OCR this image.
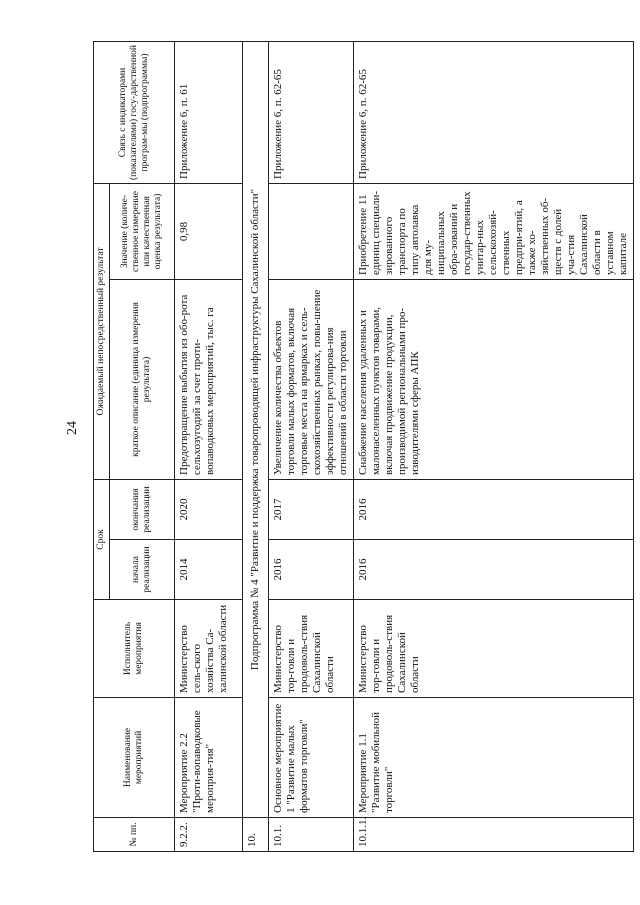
24
№ пп.	Наименование мероприятий	Исполнитель мероприятия	Срок		Ожидаемый непосредственный результат		Связь с индикаторами (показателями) госу-дарственной програм-мы (подпрограммы)
			начала реализации	окончания реализации	краткое описание (единица измерения результата)	Значение (количе-ственное измерение или качественная оценка результата)	

9.2.2.	Мероприятие 2.2 "Проти-вопаводковые мероприя-тия"	Министерство сель-ского хозяйства Са-халинской области	2014	2020	Предотвращение выбытия из обо-рота сельхозугодий за счет проти-вопаводковых мероприятий, тыс. га	0,98	Приложение 6, п. 61
10.	Подпрограмма № 4 "Развитие и поддержка товаропроводящей инфраструктуры Сахалинской области"						
10.1.	Основное мероприятие 1 "Развитие малых форматов торговли"	Министерство тор-говли и продоволь-ствия Сахалинской области	2016	2017	Увеличение количества объектов торговли малых форматов, включая торговые места на ярмарках и сель-скохозяйственных рынках, повы-шение эффективности регулирова-ния отношений в области торговли		Приложение 6, п. 62-65
10.1.1.	Мероприятие 1.1 "Развитие мобильной торговли"	Министерство тор-говли и продоволь-ствия Сахалинской области	2016	2016	Снабжение населения удаленных и малонаселенных пунктов товарами, включая продвижение продукции, производимой региональными про-изводителями сферы АПК	Приобретение 11 единиц специали-зированного транспорта по типу автолавка для му-ниципальных обра-зований и государ-ственных унитар-ных сельскохозяй-ственных предпри-ятий, а также хо-зяйственных об-ществ с долей уча-стия Сахалинской области в уставном капитале	Приложение 6, п. 62-65
